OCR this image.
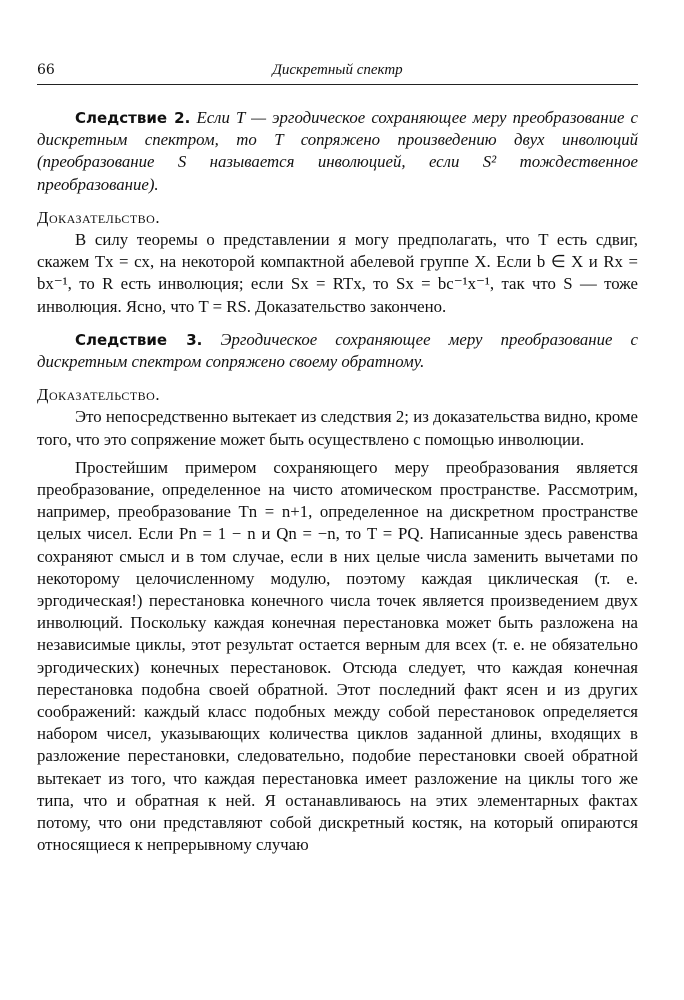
66	Дискретный спектр

Следствие 2. Если T — эргодическое сохраняющее меру преобразование с дискретным спектром, то T сопряжено произведению двух инволюций (преобразование S называется инволюцией, если S² тождественное преобразование).

Доказательство.

В силу теоремы о представлении я могу предполагать, что T есть сдвиг, скажем Tx = cx, на некоторой компактной абелевой группе X. Если b ∈ X и Rx = bx⁻¹, то R есть инволюция; если Sx = RTx, то Sx = bc⁻¹x⁻¹, так что S — тоже инволюция. Ясно, что T = RS. Доказательство закончено.

Следствие 3. Эргодическое сохраняющее меру преобразование с дискретным спектром сопряжено своему обратному.

Доказательство.

Это непосредственно вытекает из следствия 2; из доказательства видно, кроме того, что это сопряжение может быть осуществлено с помощью инволюции.

Простейшим примером сохраняющего меру преобразования является преобразование, определенное на чисто атомическом пространстве. Рассмотрим, например, преобразование Tn = n+1, определенное на дискретном пространстве целых чисел. Если Pn = 1 − n и Qn = −n, то T = PQ. Написанные здесь равенства сохраняют смысл и в том случае, если в них целые числа заменить вычетами по некоторому целочисленному модулю, поэтому каждая циклическая (т. е. эргодическая!) перестановка конечного числа точек является произведением двух инволюций. Поскольку каждая конечная перестановка может быть разложена на независимые циклы, этот результат остается верным для всех (т. е. не обязательно эргодических) конечных перестановок. Отсюда следует, что каждая конечная перестановка подобна своей обратной. Этот последний факт ясен и из других соображений: каждый класс подобных между собой перестановок определяется набором чисел, указывающих количества циклов заданной длины, входящих в разложение перестановки, следовательно, подобие перестановки своей обратной вытекает из того, что каждая перестановка имеет разложение на циклы того же типа, что и обратная к ней. Я останавливаюсь на этих элементарных фактах потому, что они представляют собой дискретный костяк, на который опираются относящиеся к непрерывному случаю
